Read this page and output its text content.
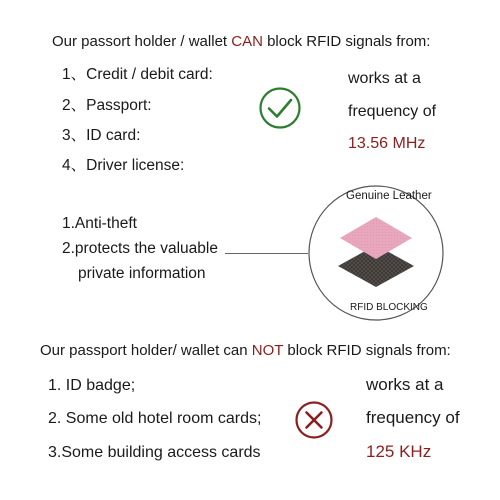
Our passort holder / wallet CAN block RFID signals from:
1、Credit / debit card:
2、Passport:
3、ID card:
4、Driver license:
works at a
frequency of
13.56 MHz
1.Anti-theft
2.protects the valuable
private information
Genuine Leather
RFID BLOCKING
Our passport holder/ wallet can NOT block RFID signals from:
1. ID badge;
2. Some old hotel room cards;
3.Some building access cards
works at a
frequency of
125 KHz
